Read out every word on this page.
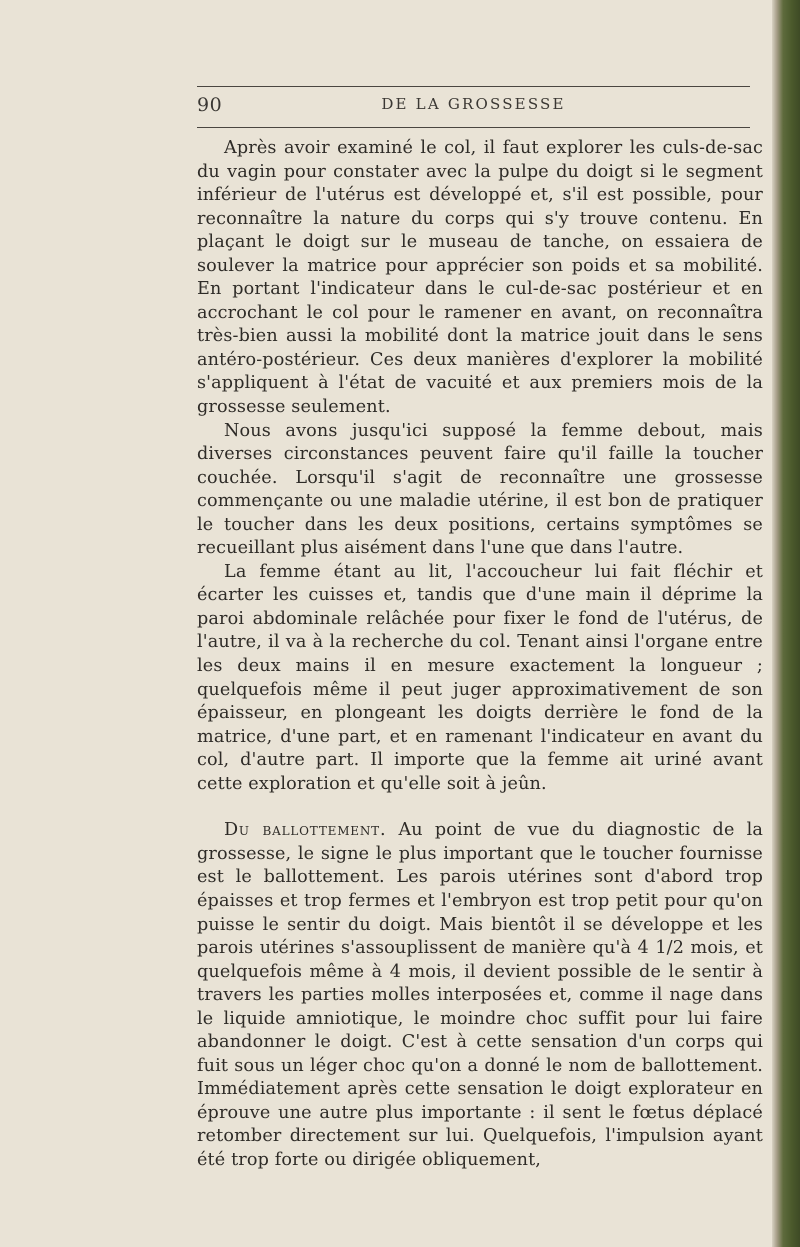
90	DE LA GROSSESSE

Après avoir examiné le col, il faut explorer les culs-de-sac du vagin pour constater avec la pulpe du doigt si le segment inférieur de l'utérus est développé et, s'il est possible, pour reconnaître la nature du corps qui s'y trouve contenu. En plaçant le doigt sur le museau de tanche, on essaiera de soulever la matrice pour apprécier son poids et sa mobilité. En portant l'indicateur dans le cul-de-sac postérieur et en accrochant le col pour le ramener en avant, on reconnaîtra très-bien aussi la mobilité dont la matrice jouit dans le sens antéro-postérieur. Ces deux manières d'explorer la mobilité s'appliquent à l'état de vacuité et aux premiers mois de la grossesse seulement.

Nous avons jusqu'ici supposé la femme debout, mais diverses circonstances peuvent faire qu'il faille la toucher couchée. Lorsqu'il s'agit de reconnaître une grossesse commençante ou une maladie utérine, il est bon de pratiquer le toucher dans les deux positions, certains symptômes se recueillant plus aisément dans l'une que dans l'autre.

La femme étant au lit, l'accoucheur lui fait fléchir et écarter les cuisses et, tandis que d'une main il déprime la paroi abdominale relâchée pour fixer le fond de l'utérus, de l'autre, il va à la recherche du col. Tenant ainsi l'organe entre les deux mains il en mesure exactement la longueur ; quelquefois même il peut juger approximativement de son épaisseur, en plongeant les doigts derrière le fond de la matrice, d'une part, et en ramenant l'indicateur en avant du col, d'autre part. Il importe que la femme ait uriné avant cette exploration et qu'elle soit à jeûn.

Du ballottement. Au point de vue du diagnostic de la grossesse, le signe le plus important que le toucher fournisse est le ballottement. Les parois utérines sont d'abord trop épaisses et trop fermes et l'embryon est trop petit pour qu'on puisse le sentir du doigt. Mais bientôt il se développe et les parois utérines s'assouplissent de manière qu'à 4 1/2 mois, et quelquefois même à 4 mois, il devient possible de le sentir à travers les parties molles interposées et, comme il nage dans le liquide amniotique, le moindre choc suffit pour lui faire abandonner le doigt. C'est à cette sensation d'un corps qui fuit sous un léger choc qu'on a donné le nom de ballottement. Immédiatement après cette sensation le doigt explorateur en éprouve une autre plus importante : il sent le fœtus déplacé retomber directement sur lui. Quelquefois, l'impulsion ayant été trop forte ou dirigée obliquement,
